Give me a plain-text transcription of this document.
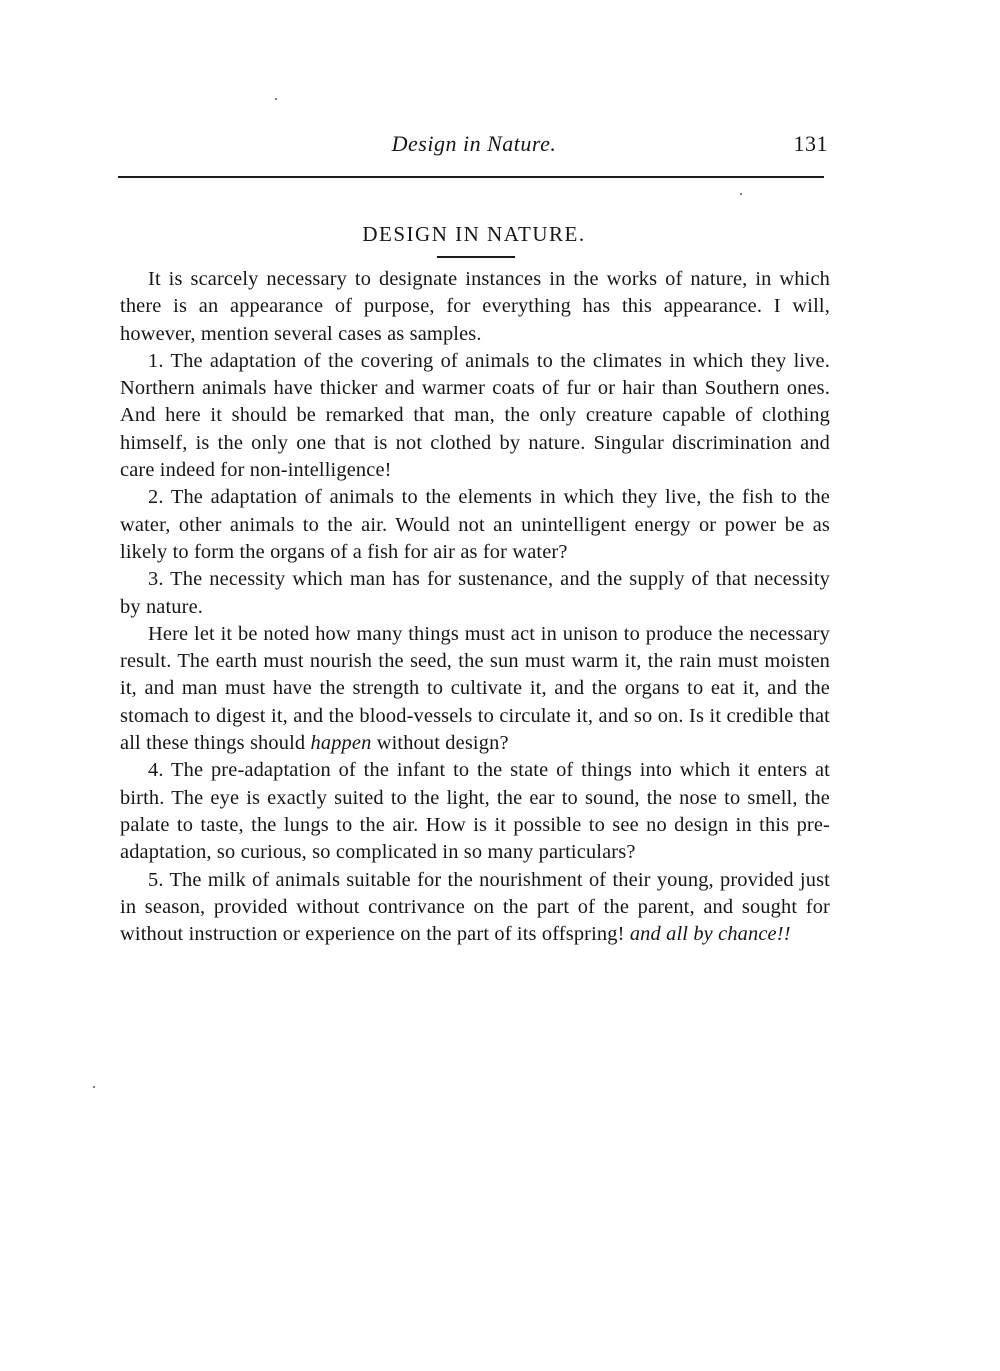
Design in Nature.	131
DESIGN IN NATURE.

It is scarcely necessary to designate instances in the works of nature, in which there is an appearance of purpose, for everything has this appearance. I will, however, mention several cases as samples.

1. The adaptation of the covering of animals to the climates in which they live. Northern animals have thicker and warmer coats of fur or hair than Southern ones. And here it should be remarked that man, the only creature capable of clothing himself, is the only one that is not clothed by nature. Singular discrimination and care indeed for non-intelligence!

2. The adaptation of animals to the elements in which they live, the fish to the water, other animals to the air. Would not an unintelligent energy or power be as likely to form the organs of a fish for air as for water?

3. The necessity which man has for sustenance, and the supply of that necessity by nature.

Here let it be noted how many things must act in unison to produce the necessary result. The earth must nourish the seed, the sun must warm it, the rain must moisten it, and man must have the strength to cultivate it, and the organs to eat it, and the stomach to digest it, and the blood-vessels to circulate it, and so on. Is it credible that all these things should happen without design?

4. The pre-adaptation of the infant to the state of things into which it enters at birth. The eye is exactly suited to the light, the ear to sound, the nose to smell, the palate to taste, the lungs to the air. How is it possible to see no design in this pre-adaptation, so curious, so complicated in so many particulars?

5. The milk of animals suitable for the nourishment of their young, provided just in season, provided without contrivance on the part of the parent, and sought for without instruction or experience on the part of its offspring! and all by chance!!
